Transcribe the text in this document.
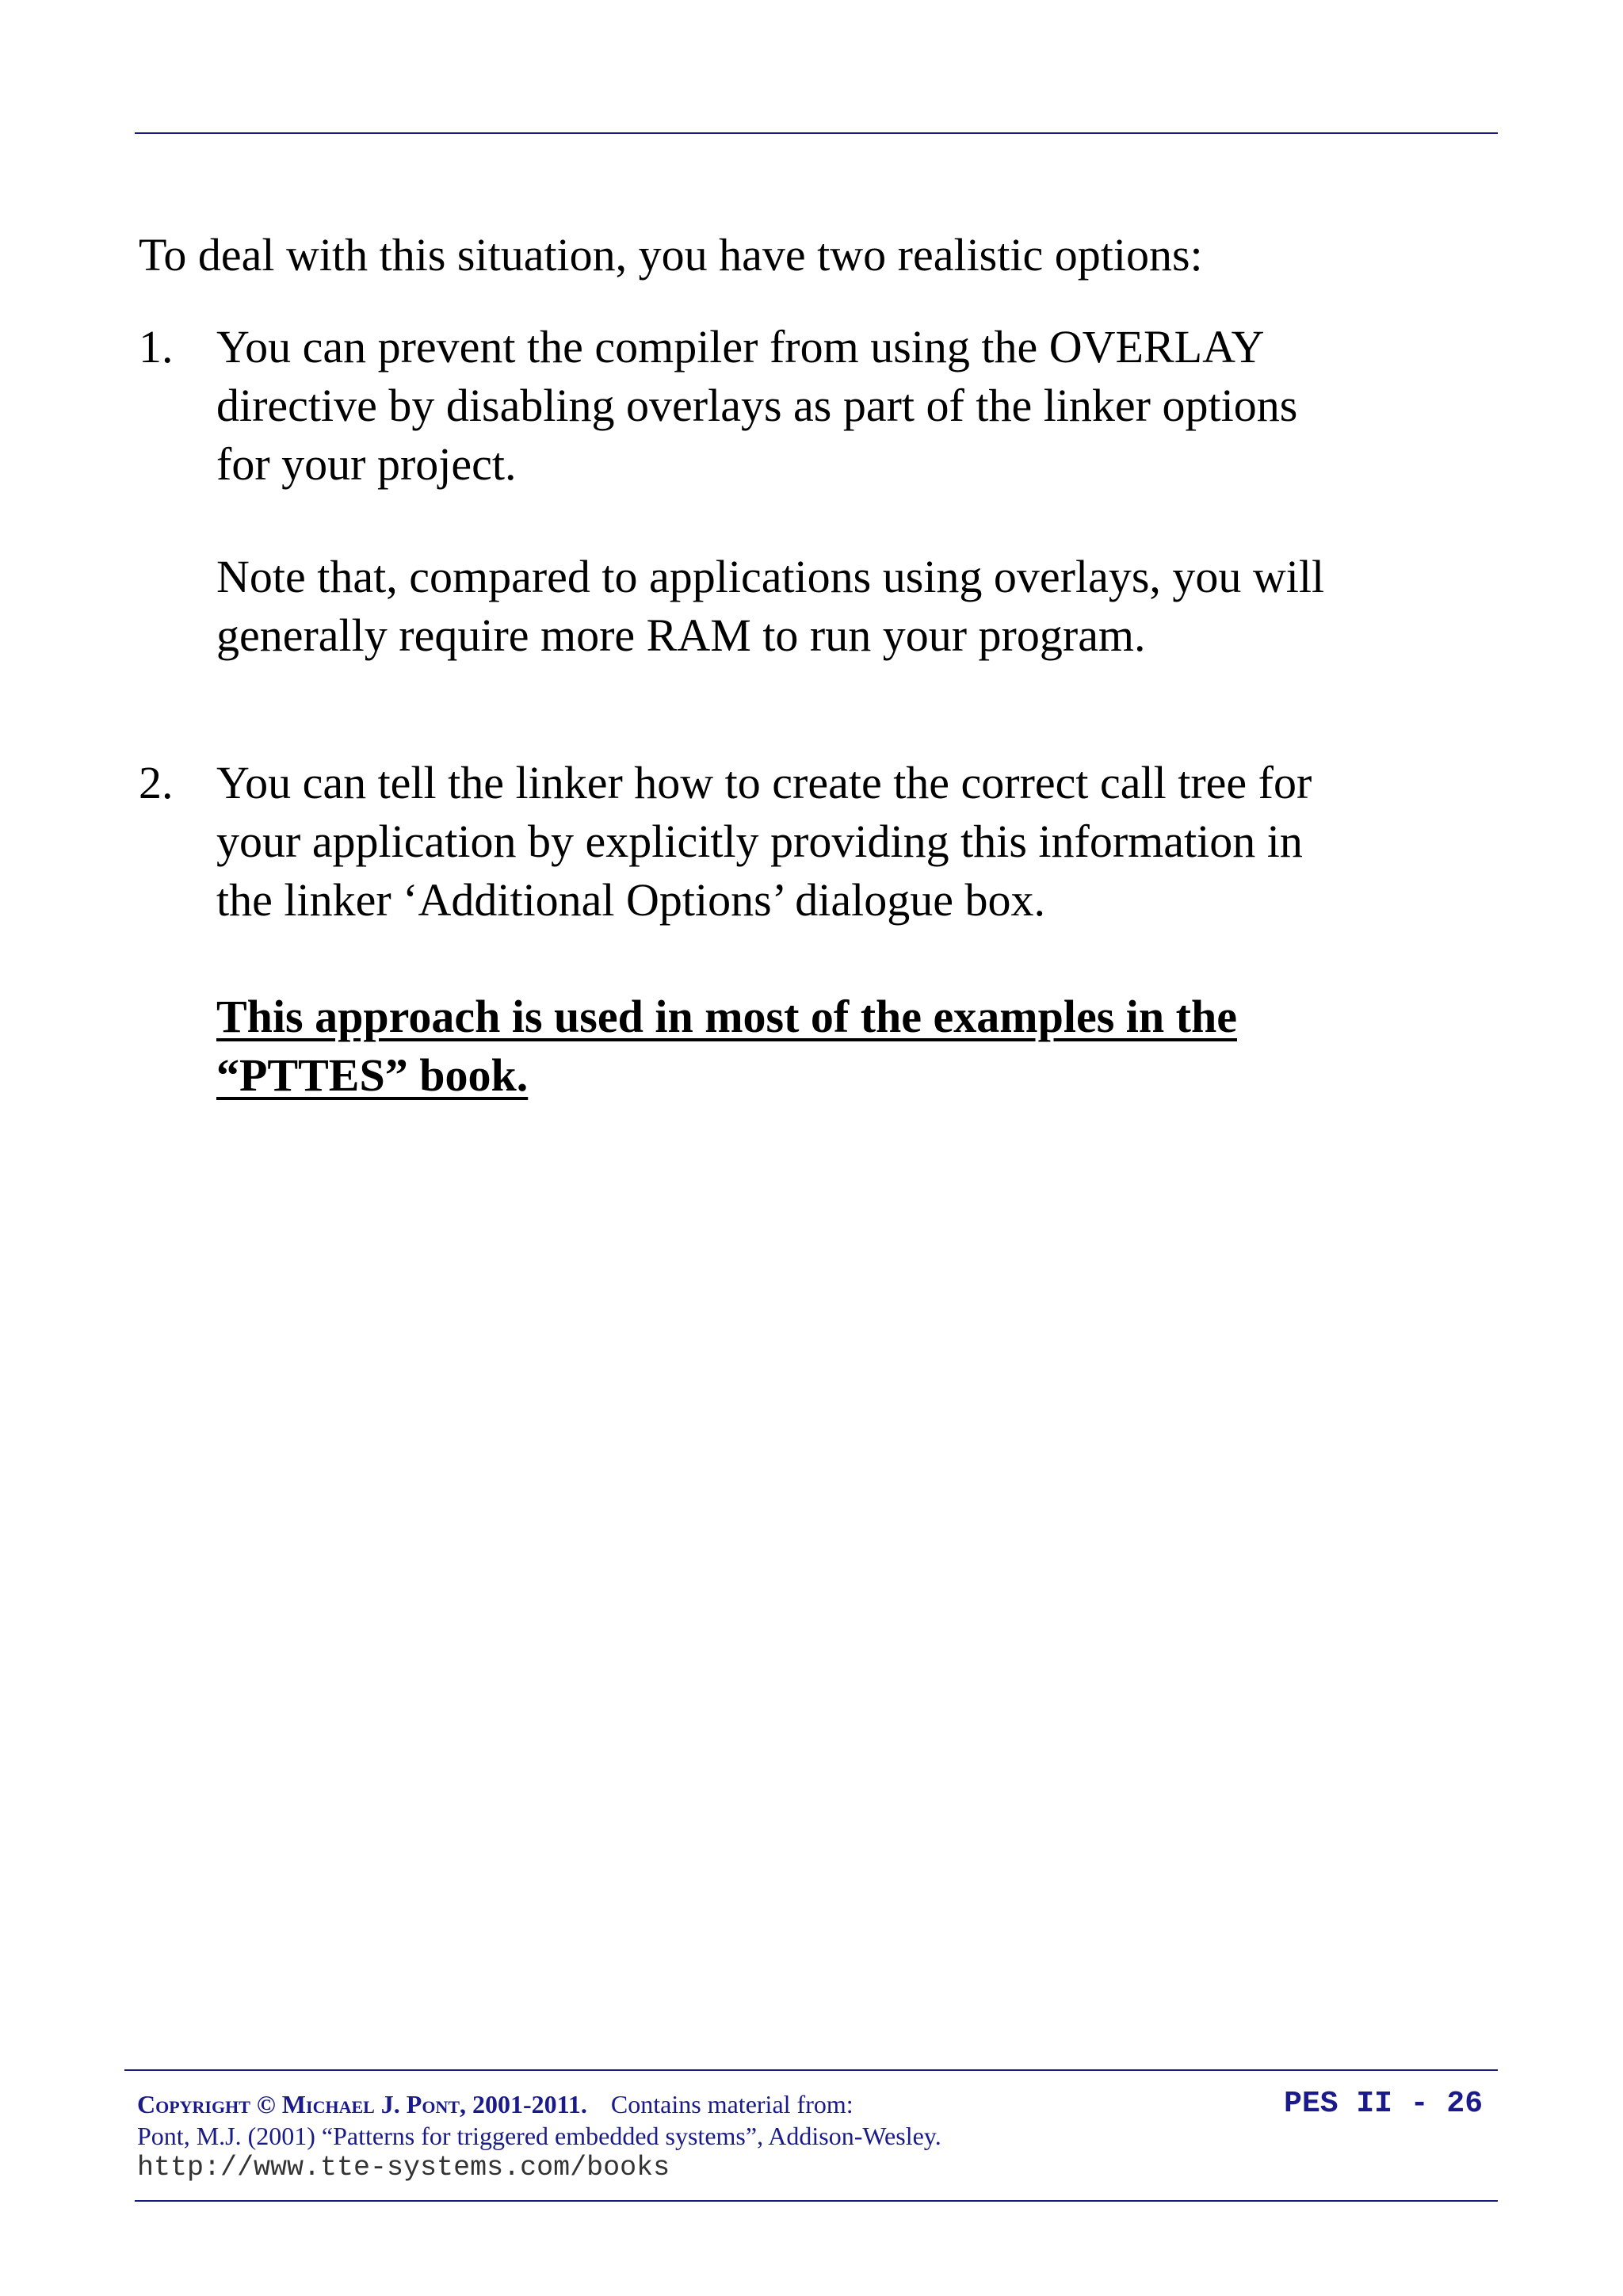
To deal with this situation, you have two realistic options:
1. You can prevent the compiler from using the OVERLAY
directive by disabling overlays as part of the linker options
for your project.
Note that, compared to applications using overlays, you will
generally require more RAM to run your program.
2. You can tell the linker how to create the correct call tree for
your application by explicitly providing this information in
the linker ‘Additional Options’ dialogue box.
This approach is used in most of the examples in the
“PTTES” book.
Copyright © Michael J. Pont, 2001-2011. Contains material from:
Pont, M.J. (2001) “Patterns for triggered embedded systems”, Addison-Wesley.
http://www.tte-systems.com/books
PES II - 26
